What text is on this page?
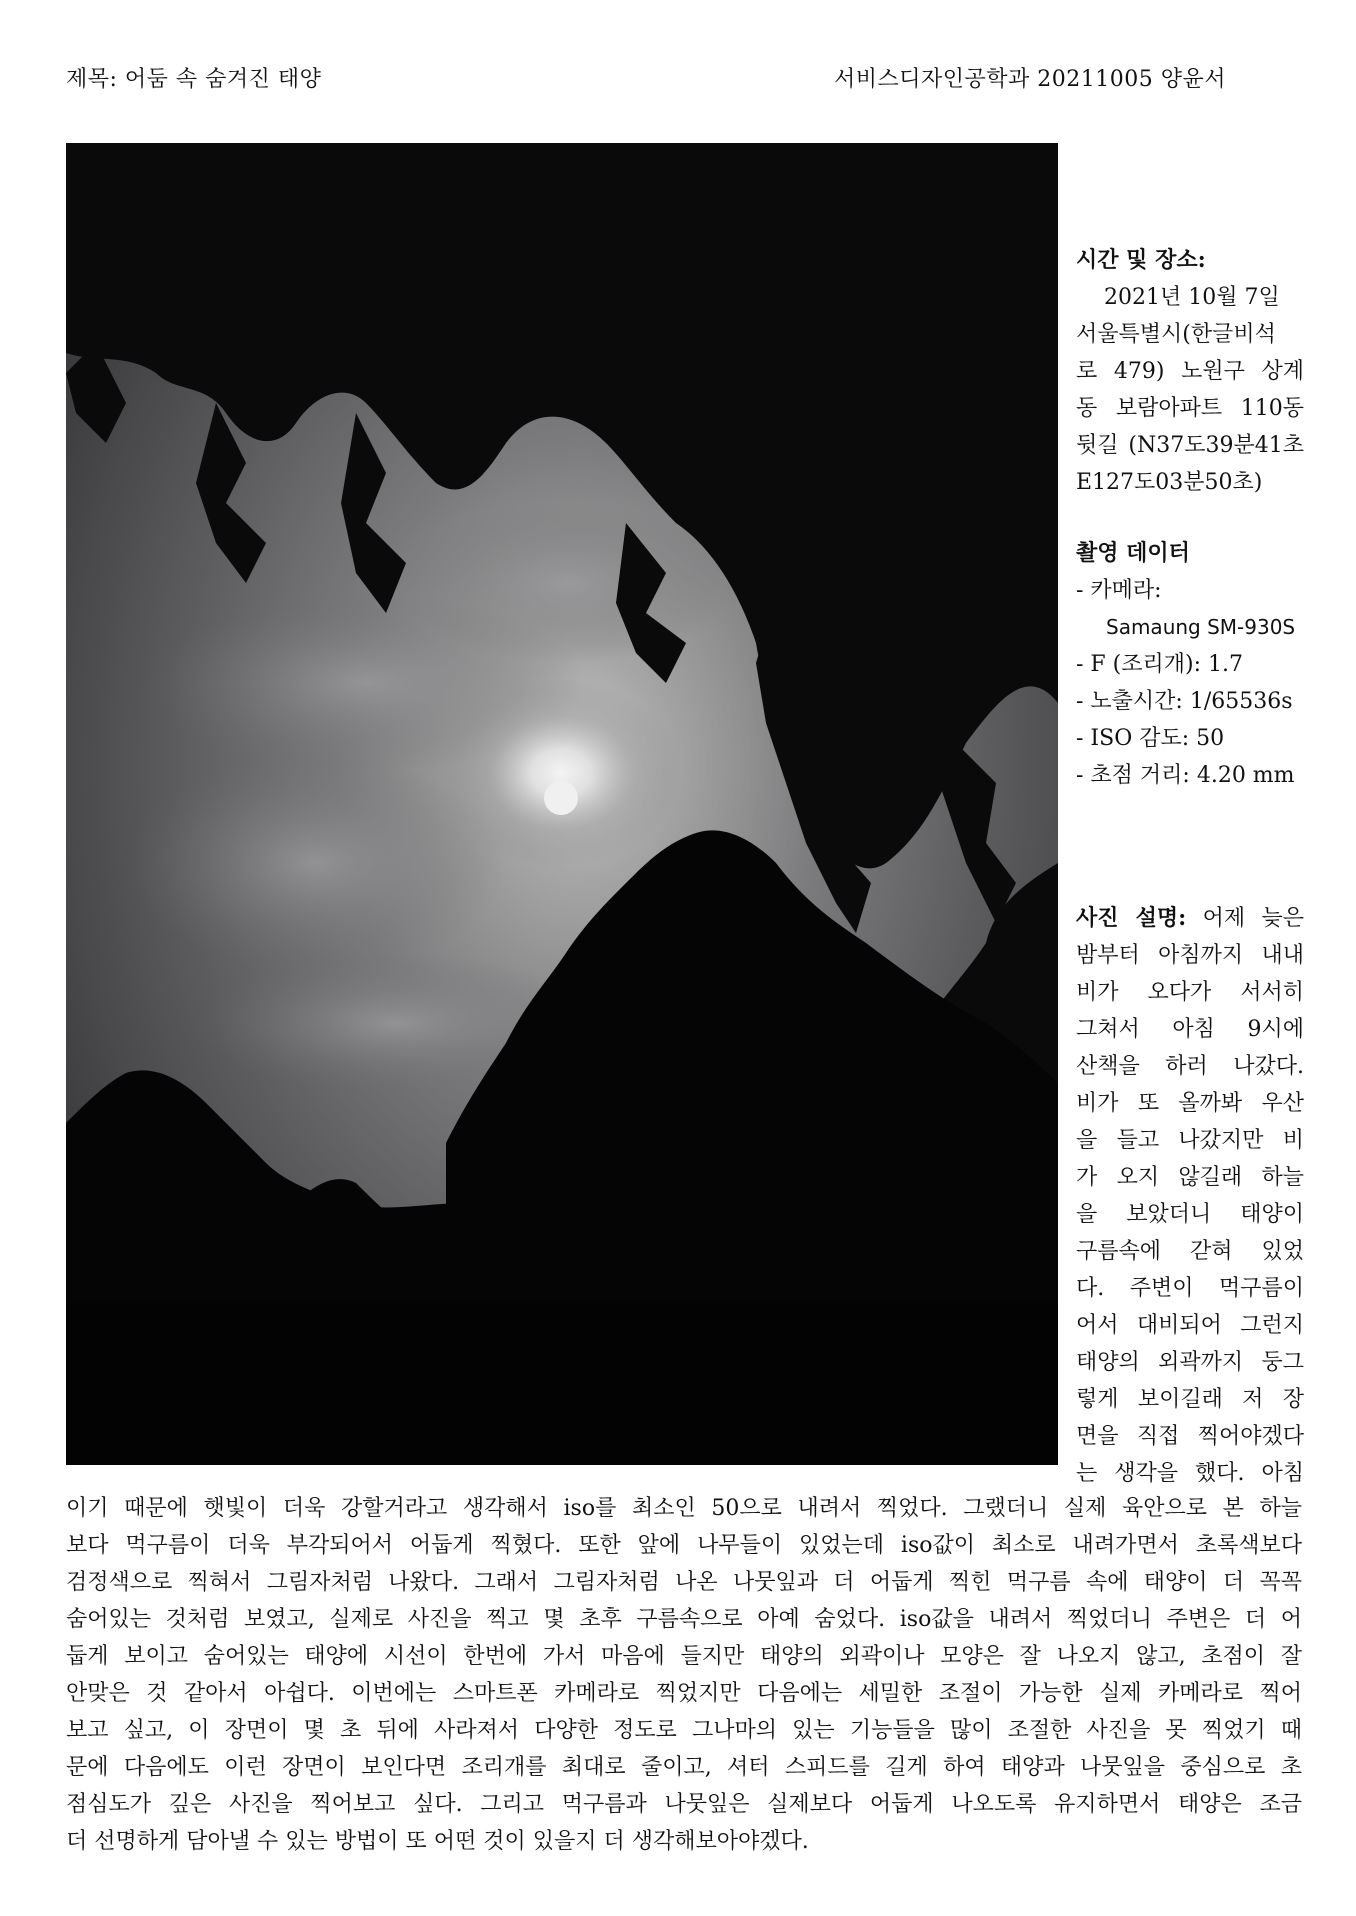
제목: 어둠 속 숨겨진 태양	서비스디자인공학과 20211005 양윤서
시간 및 장소:
2021년 10월 7일
서울특별시(한글비석
로 479) 노원구 상계
동 보람아파트 110동
뒷길 (N37도39분41초
E127도03분50초)
촬영 데이터
- 카메라:
Samaung SM-930S
- F (조리개): 1.7
- 노출시간: 1/65536s
- ISO 감도: 50
- 초점 거리: 4.20 mm
사진 설명: 어제 늦은
밤부터 아침까지 내내
비가 오다가 서서히
그쳐서 아침 9시에
산책을 하러 나갔다.
비가 또 올까봐 우산
을 들고 나갔지만 비
가 오지 않길래 하늘
을 보았더니 태양이
구름속에 갇혀 있었
다. 주변이 먹구름이
어서 대비되어 그런지
태양의 외곽까지 둥그
렇게 보이길래 저 장
면을 직접 찍어야겠다
는 생각을 했다. 아침
이기 때문에 햇빛이 더욱 강할거라고 생각해서 iso를 최소인 50으로 내려서 찍었다. 그랬더니 실제 육안으로 본 하늘
보다 먹구름이 더욱 부각되어서 어둡게 찍혔다. 또한 앞에 나무들이 있었는데 iso값이 최소로 내려가면서 초록색보다
검정색으로 찍혀서 그림자처럼 나왔다. 그래서 그림자처럼 나온 나뭇잎과 더 어둡게 찍힌 먹구름 속에 태양이 더 꼭꼭
숨어있는 것처럼 보였고, 실제로 사진을 찍고 몇 초후 구름속으로 아예 숨었다. iso값을 내려서 찍었더니 주변은 더 어
둡게 보이고 숨어있는 태양에 시선이 한번에 가서 마음에 들지만 태양의 외곽이나 모양은 잘 나오지 않고, 초점이 잘
안맞은 것 같아서 아쉽다. 이번에는 스마트폰 카메라로 찍었지만 다음에는 세밀한 조절이 가능한 실제 카메라로 찍어
보고 싶고, 이 장면이 몇 초 뒤에 사라져서 다양한 정도로 그나마의 있는 기능들을 많이 조절한 사진을 못 찍었기 때
문에 다음에도 이런 장면이 보인다면 조리개를 최대로 줄이고, 셔터 스피드를 길게 하여 태양과 나뭇잎을 중심으로 초
점심도가 깊은 사진을 찍어보고 싶다. 그리고 먹구름과 나뭇잎은 실제보다 어둡게 나오도록 유지하면서 태양은 조금
더 선명하게 담아낼 수 있는 방법이 또 어떤 것이 있을지 더 생각해보아야겠다.
